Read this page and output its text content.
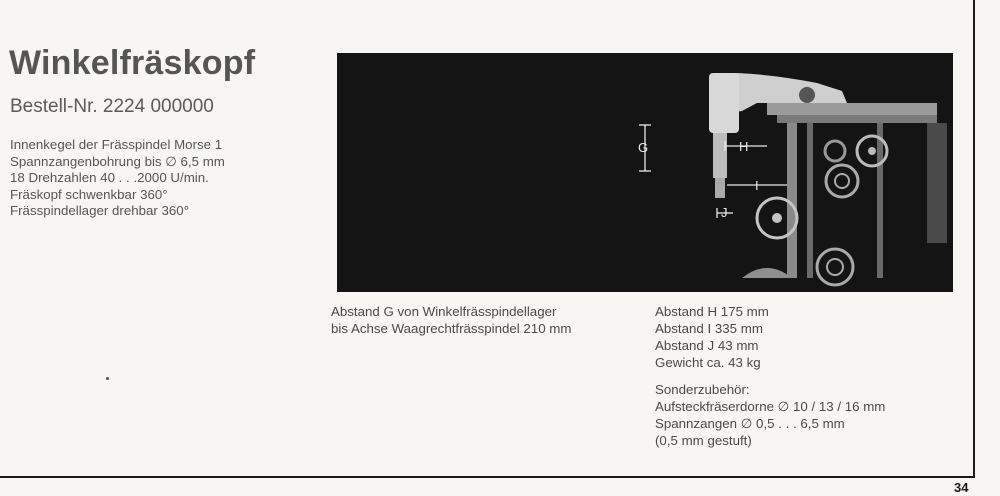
34
Winkelfräskopf
Bestell-Nr. 2224 000000
Innenkegel der Frässpindel Morse 1
Spannzangenbohrung bis ∅ 6,5 mm
18 Drehzahlen 40 . . .2000 U/min.
Fräskopf schwenkbar 360°
Frässpindellager drehbar 360°
G	H
I
J
Abstand G von Winkelfrässpindellager
bis Achse Waagrechtfrässpindel 210 mm
Abstand H 175 mm
Abstand I 335 mm
Abstand J 43 mm
Gewicht ca. 43 kg
Sonderzubehör:
Aufsteckfräserdorne ∅ 10 / 13 / 16 mm
Spannzangen ∅ 0,5 . . . 6,5 mm
(0,5 mm gestuft)
